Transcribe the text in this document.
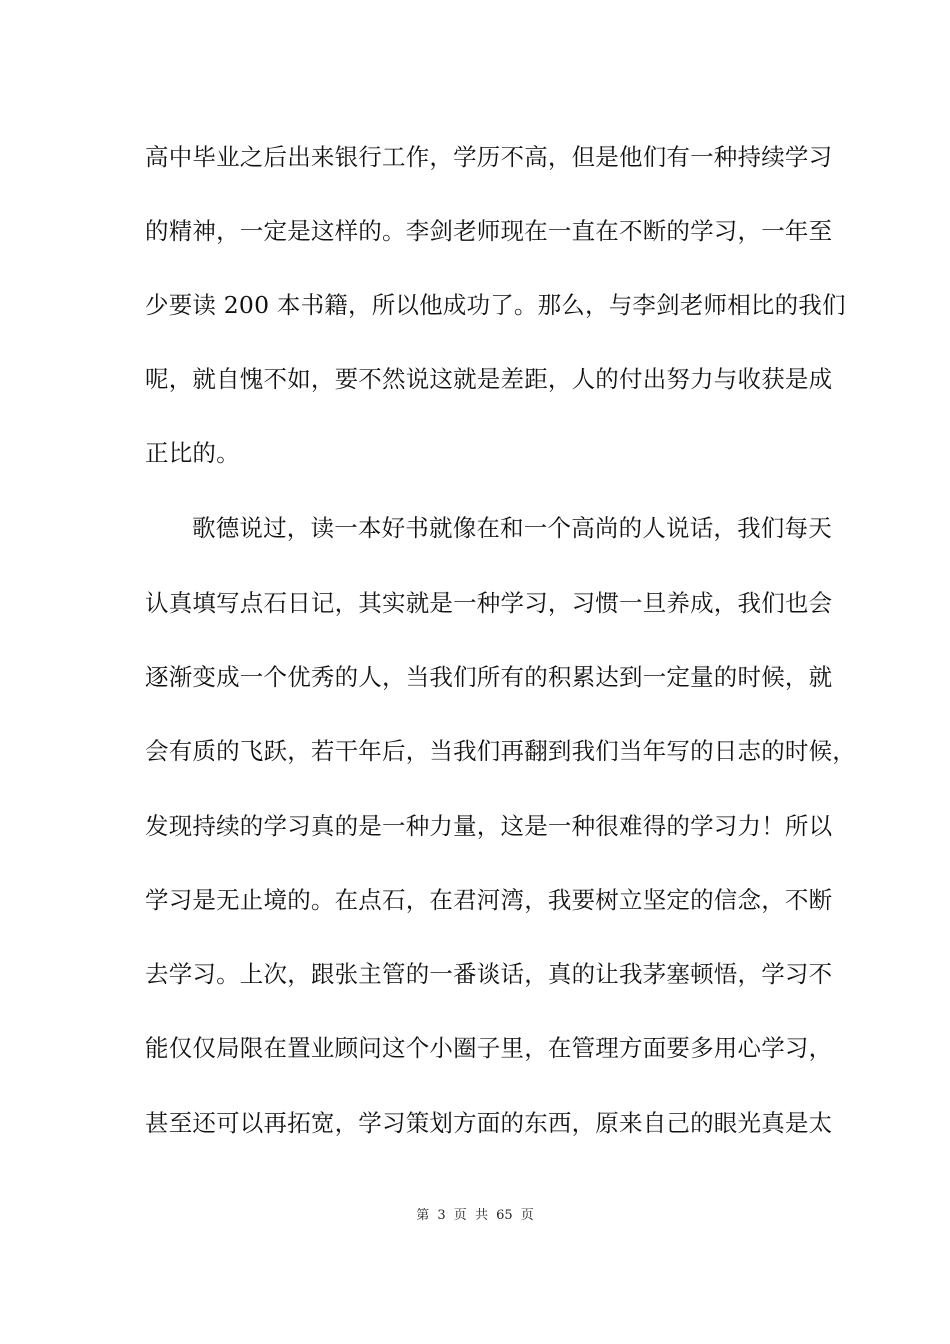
高中毕业之后出来银行工作，学历不高，但是他们有一种持续学习
的精神，一定是这样的。李剑老师现在一直在不断的学习，一年至
少要读 200 本书籍，所以他成功了。那么，与李剑老师相比的我们
呢，就自愧不如，要不然说这就是差距，人的付出努力与收获是成
正比的。
歌德说过，读一本好书就像在和一个高尚的人说话，我们每天
认真填写点石日记，其实就是一种学习，习惯一旦养成，我们也会
逐渐变成一个优秀的人，当我们所有的积累达到一定量的时候，就
会有质的飞跃，若干年后，当我们再翻到我们当年写的日志的时候，
发现持续的学习真的是一种力量，这是一种很难得的学习力！所以
学习是无止境的。在点石，在君河湾，我要树立坚定的信念，不断
去学习。上次，跟张主管的一番谈话，真的让我茅塞顿悟，学习不
能仅仅局限在置业顾问这个小圈子里，在管理方面要多用心学习，
甚至还可以再拓宽，学习策划方面的东西，原来自己的眼光真是太
第 3 页 共 65 页
